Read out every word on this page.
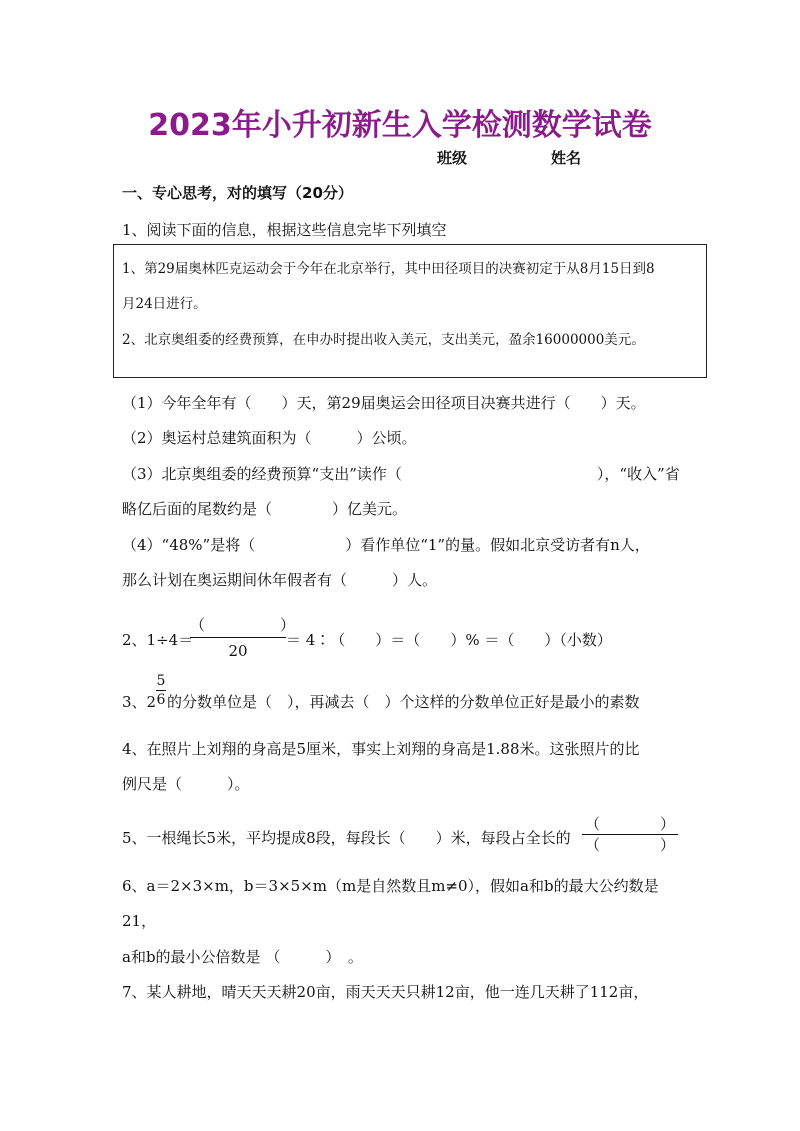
2023年小升初新生入学检测数学试卷
班级	姓名
一、专心思考，对的填写（20分）
1、阅读下面的信息，根据这些信息完毕下列填空
1、第29届奥林匹克运动会于今年在北京举行，其中田径项目的决赛初定于从8月15日到8
月24日进行。
2、北京奥组委的经费预算，在申办时提出收入美元，支出美元，盈余16000000美元。
（1）今年全年有（　　）天，第29届奥运会田径项目决赛共进行（　　）天。
（2）奥运村总建筑面积为（　　　）公顷。
（3）北京奥组委的经费预算“支出”读作（　　　　　　　　　　　　　），“收入”省
略亿后面的尾数约是（　　　　）亿美元。
（4）“48%”是将（　　　　　　）看作单位“1”的量。假如北京受访者有n人，
那么计划在奥运期间休年假者有（　　　）人。
2、1÷4＝
（　　　　　）
20
＝ 4∶（　　）＝（　　）% ＝（　　）（小数）
3、2
5
6 的分数单位是（　），再减去（　）个这样的分数单位正好是最小的素数
4、在照片上刘翔的身高是5厘米，事实上刘翔的身高是1.88米。这张照片的比
例尺是（　　　）。
5、一根绳长5米，平均提成8段，每段长（　　）米，每段占全长的
（　　　　）
（　　　　）
6、a＝2×3×m，b＝3×5×m（m是自然数且m≠0），假如a和b的最大公约数是
21，
a和b的最小公倍数是 （　　　）　。
7、某人耕地，晴天天天耕20亩，雨天天天只耕12亩，他一连几天耕了112亩，
